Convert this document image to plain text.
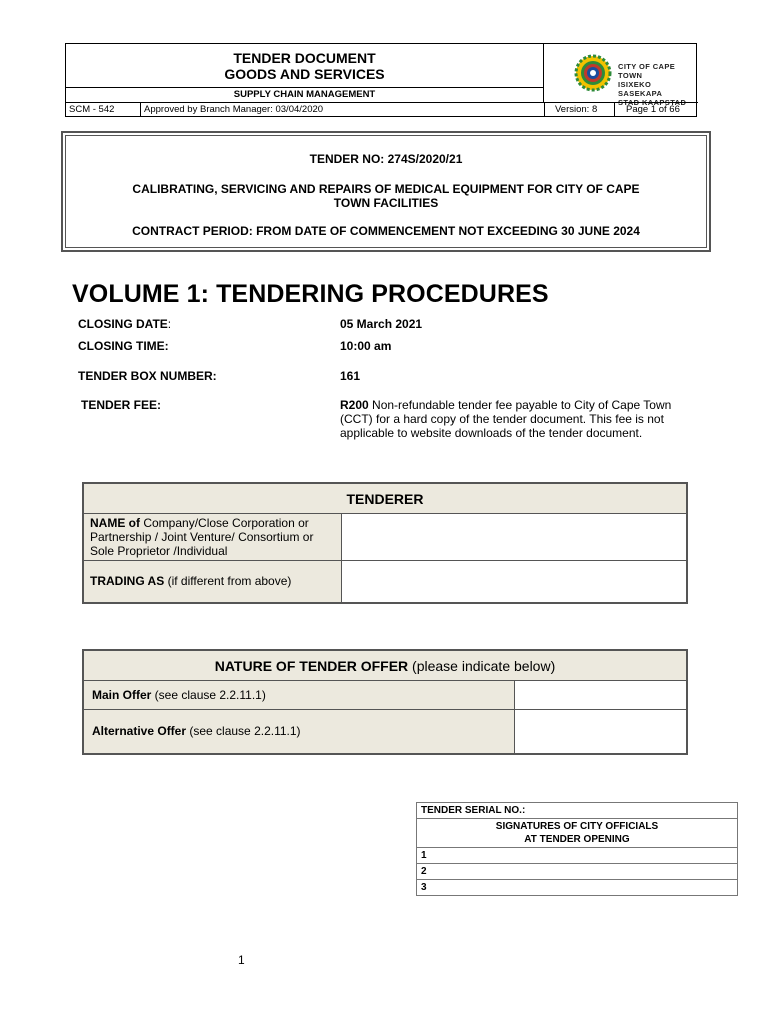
TENDER DOCUMENT
GOODS AND SERVICES
SUPPLY CHAIN MANAGEMENT
CITY OF CAPE TOWN
ISIXEKO SASEKAPA
STAD KAAPSTAD
SCM - 542	Approved by Branch Manager: 03/04/2020	Version: 8	Page 1 of 66
TENDER NO: 274S/2020/21
CALIBRATING, SERVICING AND REPAIRS OF MEDICAL EQUIPMENT FOR CITY OF CAPE
TOWN FACILITIES
CONTRACT PERIOD: FROM DATE OF COMMENCEMENT NOT EXCEEDING 30 JUNE 2024
VOLUME 1: TENDERING PROCEDURES
CLOSING DATE:	05 March 2021
CLOSING TIME:	10:00 am
TENDER BOX NUMBER:	161
TENDER FEE:	R200 Non-refundable tender fee payable to City of Cape Town
(CCT) for a hard copy of the tender document. This fee is not
applicable to website downloads of the tender document.
TENDERER	
NAME of Company/Close Corporation or
Partnership / Joint Venture/ Consortium or
Sole Proprietor /Individual	
TRADING AS (if different from above)	
NATURE OF TENDER OFFER (please indicate below)	
Main Offer (see clause 2.2.11.1)	
Alternative Offer (see clause 2.2.11.1)	
TENDER SERIAL NO.:

SIGNATURES OF CITY OFFICIALS
AT TENDER OPENING

1
2
3
1
